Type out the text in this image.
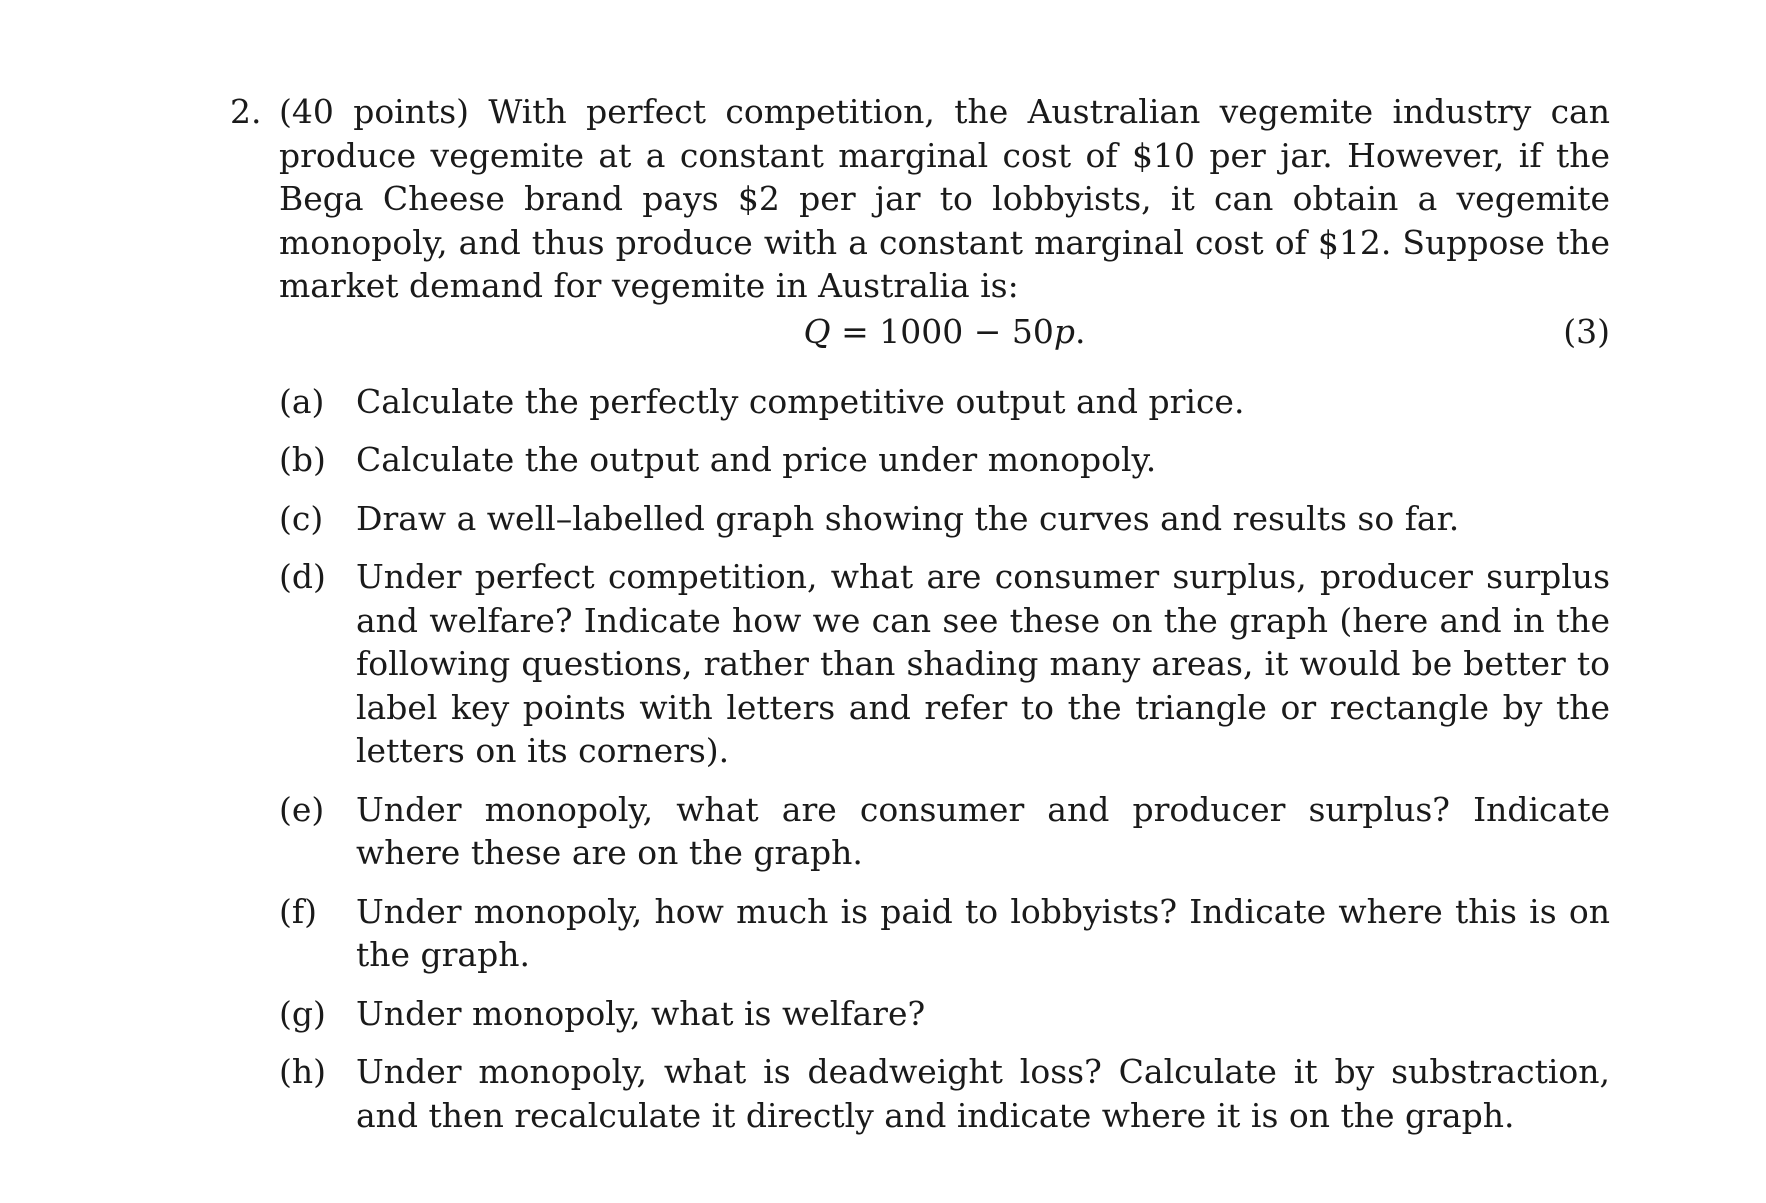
2. (40 points) With perfect competition, the Australian vegemite industry can produce vegemite at a constant marginal cost of $10 per jar. However, if the Bega Cheese brand pays $2 per jar to lobbyists, it can obtain a vegemite monopoly, and thus produce with a constant marginal cost of $12. Suppose the market demand for vegemite in Australia is:
Q = 1000 − 50p.	(3)
(a) Calculate the perfectly competitive output and price.
(b) Calculate the output and price under monopoly.
(c) Draw a well–labelled graph showing the curves and results so far.
(d) Under perfect competition, what are consumer surplus, producer surplus and welfare? Indicate how we can see these on the graph (here and in the following questions, rather than shading many areas, it would be better to label key points with letters and refer to the triangle or rectangle by the letters on its corners).
(e) Under monopoly, what are consumer and producer surplus? Indicate where these are on the graph.
(f)	Under monopoly, how much is paid to lobbyists? Indicate where this is on the graph.
(g) Under monopoly, what is welfare?
(h) Under monopoly, what is deadweight loss? Calculate it by substraction, and then recalculate it directly and indicate where it is on the graph.
